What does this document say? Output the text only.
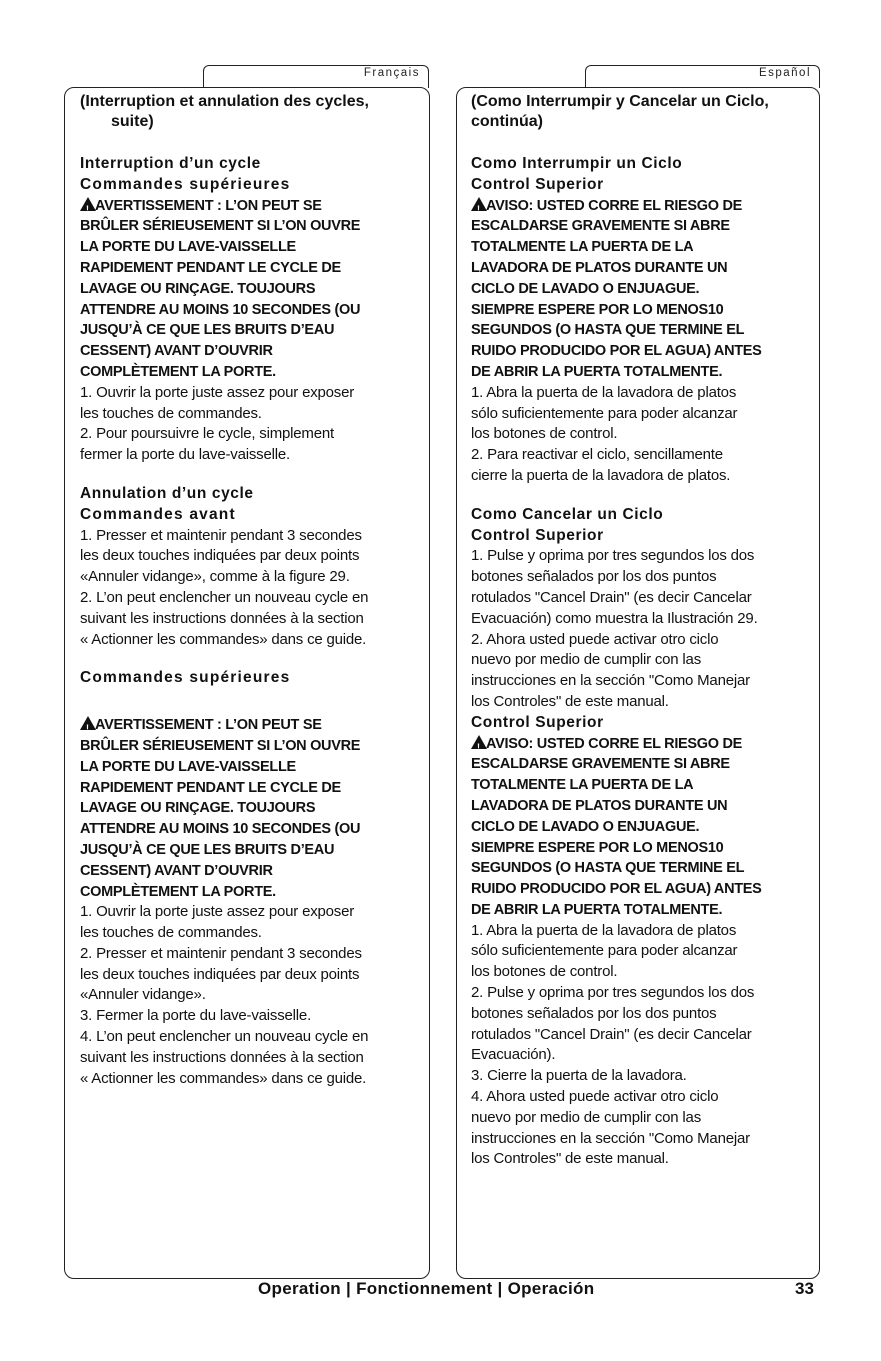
Français

(Interruption et annulation des cycles,
suite)

Interruption d’un cycle

Commandes supérieures

!AVERTISSEMENT : L’ON PEUT SE

BRÛLER SÉRIEUSEMENT SI L’ON OUVRE

LA PORTE DU LAVE-VAISSELLE

RAPIDEMENT PENDANT LE CYCLE DE

LAVAGE OU RINÇAGE. TOUJOURS

ATTENDRE AU MOINS 10 SECONDES (OU

JUSQU’À CE QUE LES BRUITS D’EAU

CESSENT) AVANT D’OUVRIR

COMPLÈTEMENT LA PORTE.

1. Ouvrir la porte juste assez pour exposer

les touches de commandes.

2. Pour poursuivre le cycle, simplement

fermer la porte du lave-vaisselle.

Annulation d’un cycle

Commandes avant

1. Presser et maintenir pendant 3 secondes

les deux touches indiquées par deux points

«Annuler vidange», comme à la figure 29.

2. L’on peut enclencher un nouveau cycle en

suivant les instructions données à la section

« Actionner les commandes» dans ce guide.

Commandes supérieures

!AVERTISSEMENT : L’ON PEUT SE

BRÛLER SÉRIEUSEMENT SI L’ON OUVRE

LA PORTE DU LAVE-VAISSELLE

RAPIDEMENT PENDANT LE CYCLE DE

LAVAGE OU RINÇAGE. TOUJOURS

ATTENDRE AU MOINS 10 SECONDES (OU

JUSQU’À CE QUE LES BRUITS D’EAU

CESSENT) AVANT D’OUVRIR

COMPLÈTEMENT LA PORTE.

1. Ouvrir la porte juste assez pour exposer

les touches de commandes.

2. Presser et maintenir pendant 3 secondes

les deux touches indiquées par deux points

«Annuler vidange».

3. Fermer la porte du lave-vaisselle.

4. L’on peut enclencher un nouveau cycle en

suivant les instructions données à la section

« Actionner les commandes» dans ce guide.

Español

(Como Interrumpir y Cancelar un Ciclo,
continúa)

Como Interrumpir un Ciclo

Control Superior

!AVISO: USTED CORRE EL RIESGO DE

ESCALDARSE GRAVEMENTE SI ABRE

TOTALMENTE LA PUERTA DE LA

LAVADORA DE PLATOS DURANTE UN

CICLO DE LAVADO O ENJUAGUE.

SIEMPRE ESPERE POR LO MENOS10

SEGUNDOS (O HASTA QUE TERMINE EL

RUIDO PRODUCIDO POR EL AGUA) ANTES

DE ABRIR LA PUERTA TOTALMENTE.

1. Abra la puerta de la lavadora de platos

sólo suficientemente para poder alcanzar

los botones de control.

2. Para reactivar el ciclo, sencillamente

cierre la puerta de la lavadora de platos.

Como Cancelar un Ciclo

Control Superior

1. Pulse y oprima por tres segundos los dos

botones señalados por los dos puntos

rotulados "Cancel Drain" (es decir Cancelar

Evacuación) como muestra la Ilustración 29.

2. Ahora usted puede activar otro ciclo

nuevo por medio de cumplir con las

instrucciones en la sección "Como Manejar

los Controles" de este manual.

Control Superior

!AVISO: USTED CORRE EL RIESGO DE

ESCALDARSE GRAVEMENTE SI ABRE

TOTALMENTE LA PUERTA DE LA

LAVADORA DE PLATOS DURANTE UN

CICLO DE LAVADO O ENJUAGUE.

SIEMPRE ESPERE POR LO MENOS10

SEGUNDOS (O HASTA QUE TERMINE EL

RUIDO PRODUCIDO POR EL AGUA) ANTES

DE ABRIR LA PUERTA TOTALMENTE.

1. Abra la puerta de la lavadora de platos

sólo suficientemente para poder alcanzar

los botones de control.

2. Pulse y oprima por tres segundos los dos

botones señalados por los dos puntos

rotulados "Cancel Drain" (es decir Cancelar

Evacuación).

3. Cierre la puerta de la lavadora.

4. Ahora usted puede activar otro ciclo

nuevo por medio de cumplir con las

instrucciones en la sección "Como Manejar

los Controles" de este manual.

Operation | Fonctionnement | Operación	33
